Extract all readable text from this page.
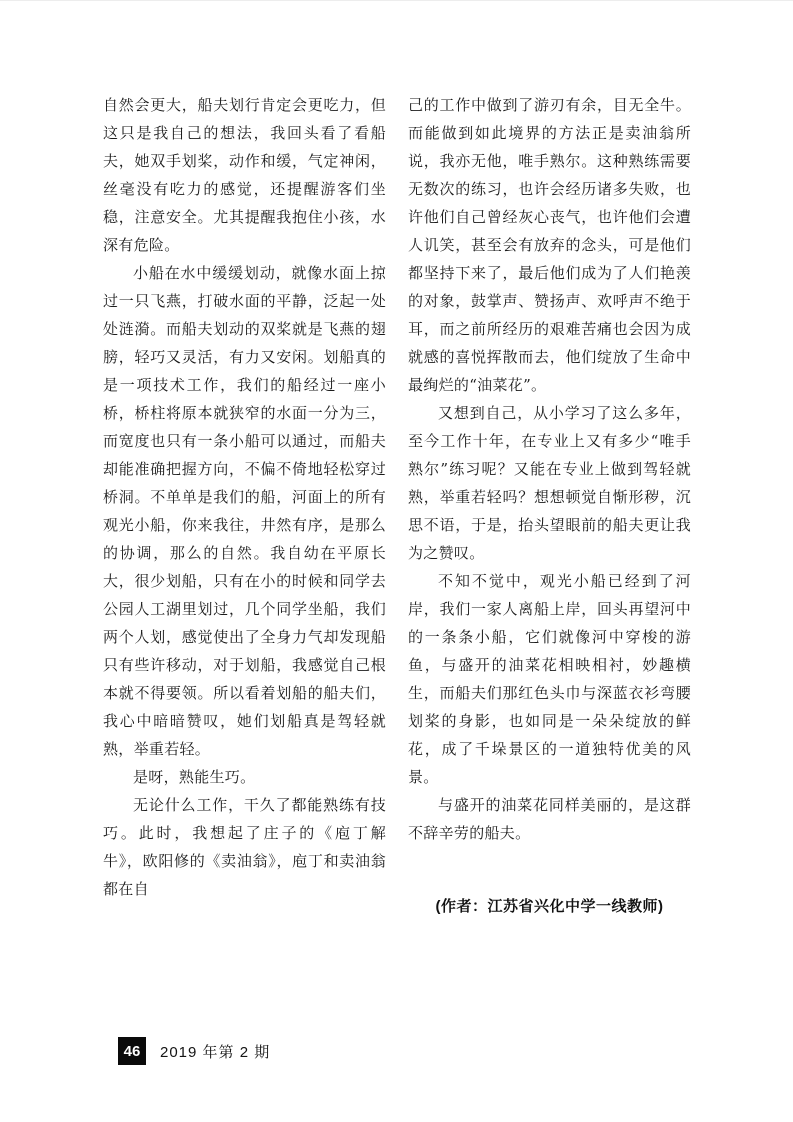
自然会更大，船夫划行肯定会更吃力，但这只是我自己的想法，我回头看了看船夫，她双手划桨，动作和缓，气定神闲，丝毫没有吃力的感觉，还提醒游客们坐稳，注意安全。尤其提醒我抱住小孩，水深有危险。

小船在水中缓缓划动，就像水面上掠过一只飞燕，打破水面的平静，泛起一处处涟漪。而船夫划动的双桨就是飞燕的翅膀，轻巧又灵活，有力又安闲。划船真的是一项技术工作，我们的船经过一座小桥，桥柱将原本就狭窄的水面一分为三，而宽度也只有一条小船可以通过，而船夫却能准确把握方向，不偏不倚地轻松穿过桥洞。不单单是我们的船，河面上的所有观光小船，你来我往，井然有序，是那么的协调，那么的自然。我自幼在平原长大，很少划船，只有在小的时候和同学去公园人工湖里划过，几个同学坐船，我们两个人划，感觉使出了全身力气却发现船只有些许移动，对于划船，我感觉自己根本就不得要领。所以看着划船的船夫们，我心中暗暗赞叹，她们划船真是驾轻就熟，举重若轻。

是呀，熟能生巧。

无论什么工作，干久了都能熟练有技巧。此时，我想起了庄子的《庖丁解牛》，欧阳修的《卖油翁》，庖丁和卖油翁都在自

己的工作中做到了游刃有余，目无全牛。而能做到如此境界的方法正是卖油翁所说，我亦无他，唯手熟尔。这种熟练需要无数次的练习，也许会经历诸多失败，也许他们自己曾经灰心丧气，也许他们会遭人讥笑，甚至会有放弃的念头，可是他们都坚持下来了，最后他们成为了人们艳羡的对象，鼓掌声、赞扬声、欢呼声不绝于耳，而之前所经历的艰难苦痛也会因为成就感的喜悦挥散而去，他们绽放了生命中最绚烂的“油菜花”。

又想到自己，从小学习了这么多年，至今工作十年，在专业上又有多少“唯手熟尔”练习呢？又能在专业上做到驾轻就熟，举重若轻吗？想想顿觉自惭形秽，沉思不语，于是，抬头望眼前的船夫更让我为之赞叹。

不知不觉中，观光小船已经到了河岸，我们一家人离船上岸，回头再望河中的一条条小船，它们就像河中穿梭的游鱼，与盛开的油菜花相映相衬，妙趣横生，而船夫们那红色头巾与深蓝衣衫弯腰划桨的身影，也如同是一朵朵绽放的鲜花，成了千垛景区的一道独特优美的风景。

与盛开的油菜花同样美丽的，是这群不辞辛劳的船夫。

(作者：江苏省兴化中学一线教师)

46	2019 年第 2 期
